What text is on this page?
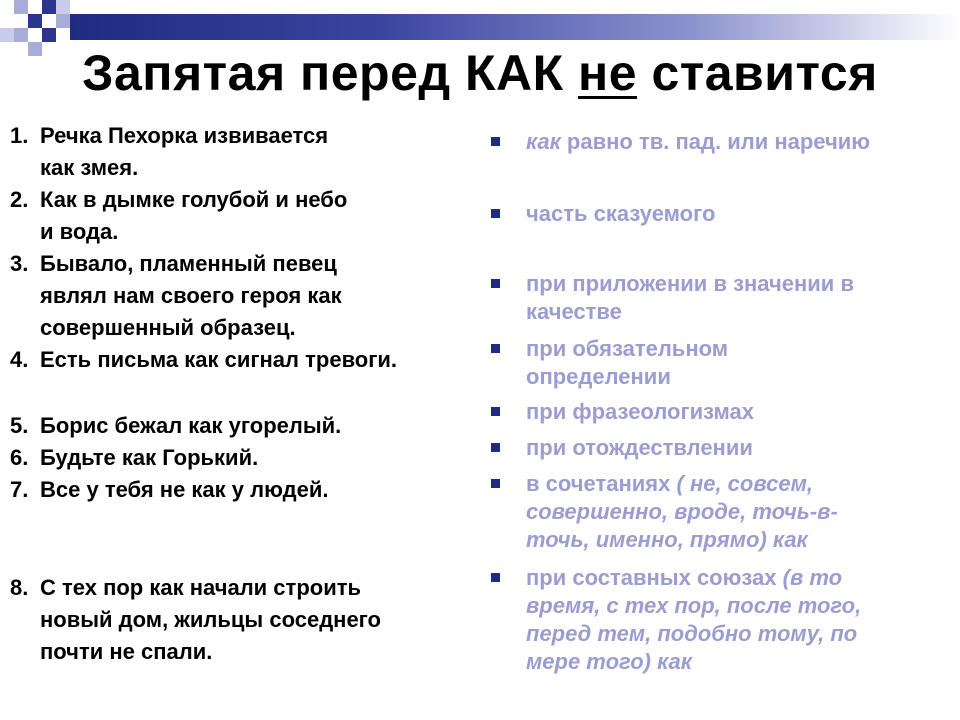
Запятая перед КАК не ставится
1. Речка Пехорка извивается
как змея.
2. Как в дымке голубой и небо
и вода.
3. Бывало, пламенный певец
являл нам своего героя как
совершенный образец.
4. Есть письма как сигнал тревоги.
5. Борис бежал как угорелый.
6. Будьте как Горький.
7. Все у тебя не как у людей.
8. С тех пор как начали строить
новый дом, жильцы соседнего
почти не спали.
как равно тв. пад. или наречию
часть сказуемого
при приложении в значении в
качестве
при обязательном
определении
при фразеологизмах
при отождествлении
в сочетаниях ( не, совсем,
совершенно, вроде, точь-в-
точь, именно, прямо) как
при составных союзах (в то
время, с тех пор, после того,
перед тем, подобно тому, по
мере того) как
